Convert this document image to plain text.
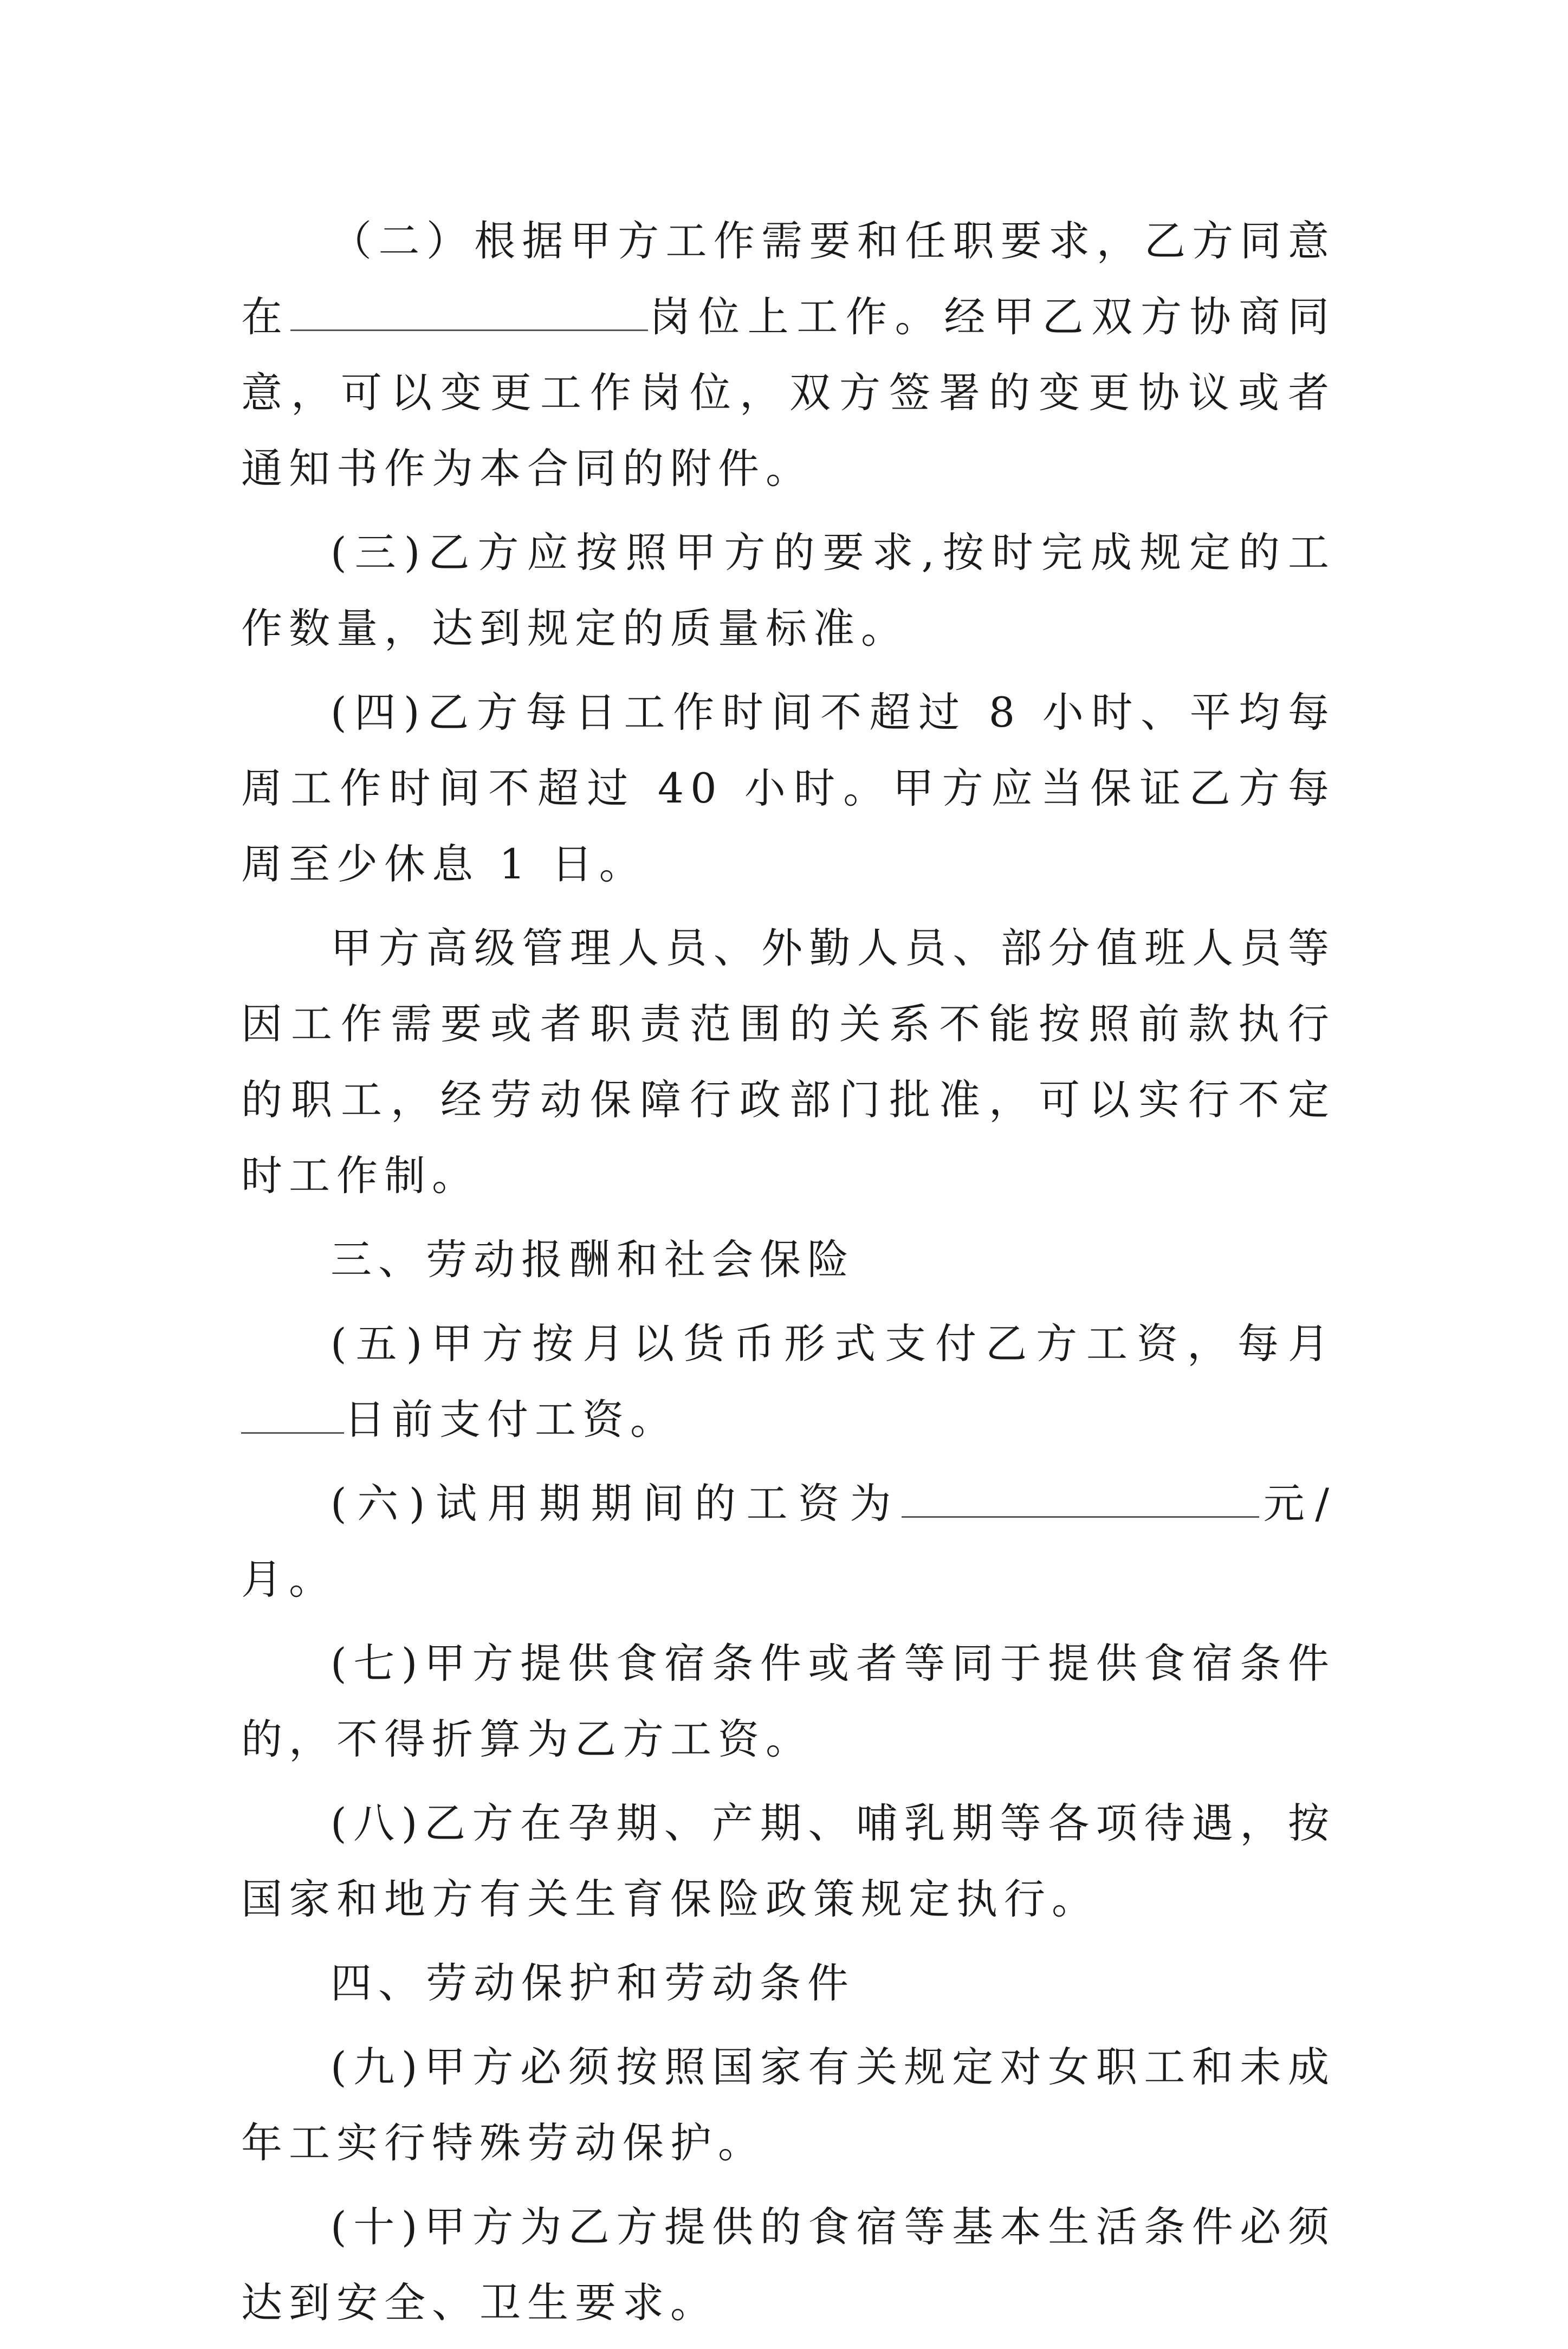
（二）根据甲方工作需要和任职要求，乙方同意在	岗位上工作。经甲乙双方协商同意，可以变更工作岗位，双方签署的变更协议或者通知书作为本合同的附件。

(三)乙方应按照甲方的要求,按时完成规定的工作数量，达到规定的质量标准。

(四)乙方每日工作时间不超过 8 小时、平均每周工作时间不超过 40 小时。甲方应当保证乙方每周至少休息 1 日。

甲方高级管理人员、外勤人员、部分值班人员等因工作需要或者职责范围的关系不能按照前款执行的职工，经劳动保障行政部门批准，可以实行不定时工作制。

三、劳动报酬和社会保险

(五)甲方按月以货币形式支付乙方工资，每月日前支付工资。

(六)试用期期间的工资为	元/月。

(七)甲方提供食宿条件或者等同于提供食宿条件的，不得折算为乙方工资。

(八)乙方在孕期、产期、哺乳期等各项待遇，按国家和地方有关生育保险政策规定执行。

四、劳动保护和劳动条件

(九)甲方必须按照国家有关规定对女职工和未成年工实行特殊劳动保护。

(十)甲方为乙方提供的食宿等基本生活条件必须达到安全、卫生要求。
